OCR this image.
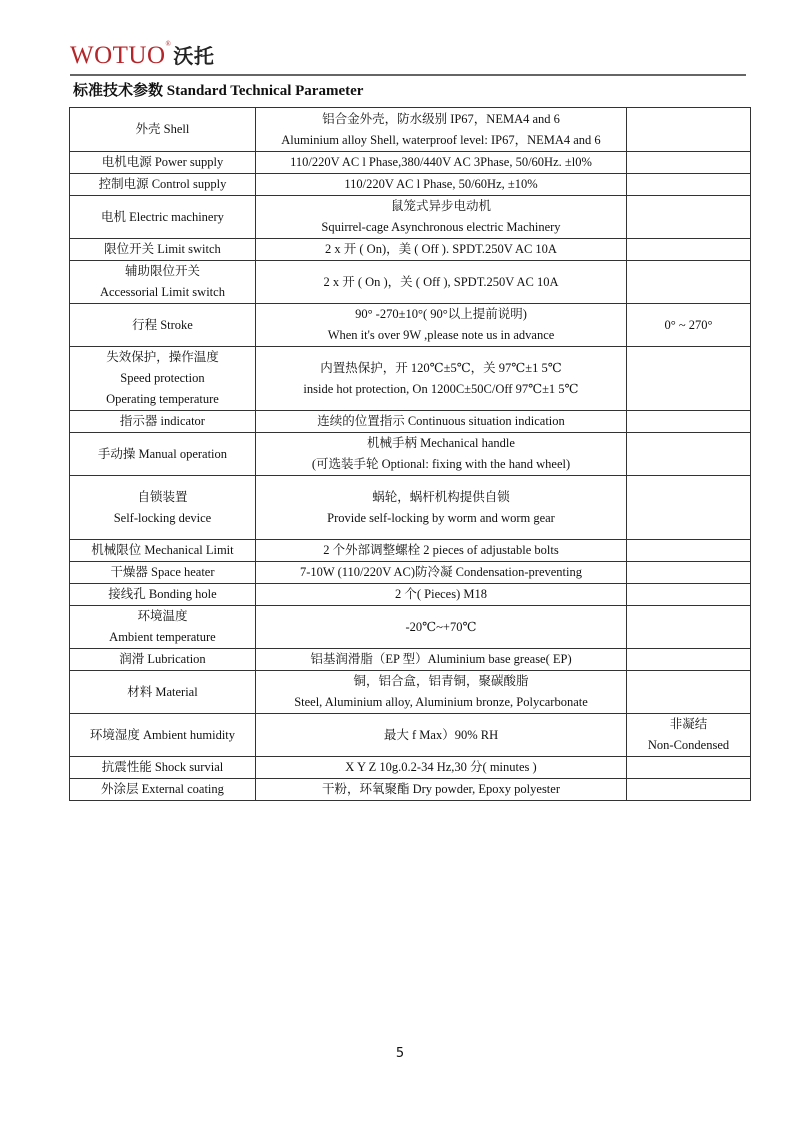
WOTUO® 沃托
标准技术参数 Standard Technical Parameter
外壳 Shell	铝合金外壳，防水级别 IP67，NEMA4 and 6
Aluminium alloy Shell, waterproof level: IP67，NEMA4 and 6	

电机电源 Power supply	110/220V AC l Phase,380/440V AC 3Phase, 50/60Hz. ±l0%	

控制电源 Control supply	110/220V AC l Phase, 50/60Hz, ±10%	

电机 Electric machinery	鼠笼式异步电动机
Squirrel-cage Asynchronous electric Machinery	

限位开关 Limit switch	2 x 开 ( On)，美 ( Off ). SPDT.250V AC 10A	

辅助限位开关
Accessorial Limit switch	2 x 开 ( On )，关 ( Off ), SPDT.250V AC 10A	

行程 Stroke	90° -270±10°( 90°以上提前说明)
When it's over 9W ,please note us in advance	0° ~ 270°

失效保护，操作温度
Speed protection
Operating temperature	内置热保护，开 120℃±5℃，关 97℃±1 5℃
inside hot protection, On 1200C±50C/Off 97℃±1 5℃	

指示器 indicator	连续的位置指示 Continuous situation indication	

手动操 Manual operation	机械手柄 Mechanical handle
(可选装手轮 Optional: fixing with the hand wheel)	

自锁装置
Self-locking device	蜗轮，蜗杆机构提供自锁
Provide self-locking by worm and worm gear	

机械限位 Mechanical Limit	2 个外部调整螺栓 2 pieces of adjustable bolts	

干燥器 Space heater	7-10W (110/220V AC)防冷凝 Condensation-preventing	

接线孔 Bonding hole	2 个( Pieces) M18	

环境温度
Ambient temperature	-20℃~+70℃	

润滑 Lubrication	铝基润滑脂（EP 型）Aluminium base grease( EP)	

材料 Material	铜，铝合盒，铝青铜，聚碳酸脂
Steel, Aluminium alloy, Aluminium bronze, Polycarbonate	

环境湿度 Ambient humidity	最大 f Max）90% RH	非凝结
Non-Condensed

抗震性能 Shock survial	X Y Z 10g.0.2-34 Hz,30 分( minutes )	

外涂层 External coating	干粉，环氧聚酯 Dry powder, Epoxy polyester	

5
